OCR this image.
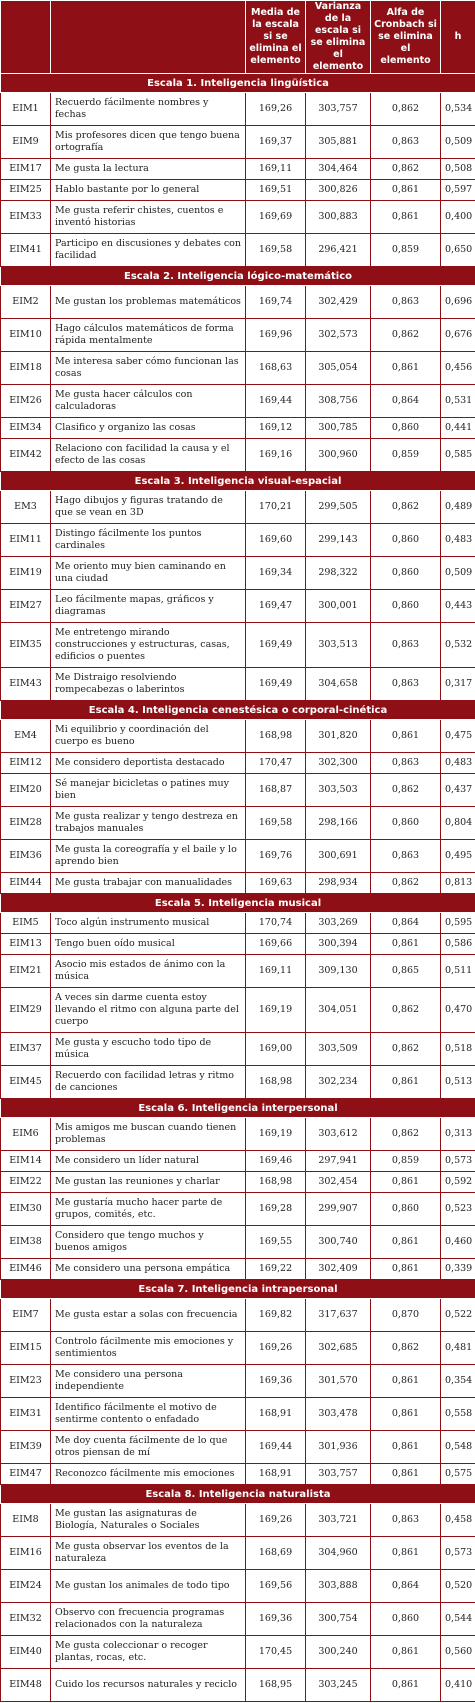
		Media de la escala si se elimina el elemento	Varianza de la escala si se elimina el elemento	Alfa de Cronbach si se elimina el elemento	h
Escala 1. Inteligencia lingüística					
EIM1	Recuerdo fácilmente nombres y fechas	169,26	303,757	0,862	0,534
EIM9	Mis profesores dicen que tengo buena ortografía	169,37	305,881	0,863	0,509
EIM17	Me gusta la lectura	169,11	304,464	0,862	0,508
EIM25	Hablo bastante por lo general	169,51	300,826	0,861	0,597
EIM33	Me gusta referir chistes, cuentos e inventó historias	169,69	300,883	0,861	0,400
EIM41	Participo en discusiones y debates con facilidad	169,58	296,421	0,859	0,650
Escala 2. Inteligencia lógico-matemático					
EIM2	Me gustan los problemas matemáticos	169,74	302,429	0,863	0,696
EIM10	Hago cálculos matemáticos de forma rápida mentalmente	169,96	302,573	0,862	0,676
EIM18	Me interesa saber cómo funcionan las cosas	168,63	305,054	0,861	0,456
EIM26	Me gusta hacer cálculos con calculadoras	169,44	308,756	0,864	0,531
EIM34	Clasifico y organizo las cosas	169,12	300,785	0,860	0,441
EIM42	Relaciono con facilidad la causa y el efecto de las cosas	169,16	300,960	0,859	0,585
Escala 3. Inteligencia visual-espacial					
EM3	Hago dibujos y figuras tratando de que se vean en 3D	170,21	299,505	0,862	0,489
EIM11	Distingo fácilmente los puntos cardinales	169,60	299,143	0,860	0,483
EIM19	Me oriento muy bien caminando en una ciudad	169,34	298,322	0,860	0,509
EIM27	Leo fácilmente mapas, gráficos y diagramas	169,47	300,001	0,860	0,443
EIM35	Me entretengo mirando construcciones y estructuras, casas, edificios o puentes	169,49	303,513	0,863	0,532
EIM43	Me Distraigo resolviendo rompecabezas o laberintos	169,49	304,658	0,863	0,317
Escala 4. Inteligencia cenestésica o corporal-cinética					
EM4	Mi equilibrio y coordinación del cuerpo es bueno	168,98	301,820	0,861	0,475
EIM12	Me considero deportista destacado	170,47	302,300	0,863	0,483
EIM20	Sé manejar bicicletas o patines muy bien	168,87	303,503	0,862	0,437
EIM28	Me gusta realizar y tengo destreza en trabajos manuales	169,58	298,166	0,860	0,804
EIM36	Me gusta la coreografía y el baile y lo aprendo bien	169,76	300,691	0,863	0,495
EIM44	Me gusta trabajar con manualidades	169,63	298,934	0,862	0,813
Escala 5. Inteligencia musical					
EIM5	Toco algún instrumento musical	170,74	303,269	0,864	0,595
EIM13	Tengo buen oído musical	169,66	300,394	0,861	0,586
EIM21	Asocio mis estados de ánimo con la música	169,11	309,130	0,865	0,511
EIM29	A veces sin darme cuenta estoy llevando el ritmo con alguna parte del cuerpo	169,19	304,051	0,862	0,470
EIM37	Me gusta y escucho todo tipo de música	169,00	303,509	0,862	0,518
EIM45	Recuerdo con facilidad letras y ritmo de canciones	168,98	302,234	0,861	0,513
Escala 6. Inteligencia interpersonal					
EIM6	Mis amigos me buscan cuando tienen problemas	169,19	303,612	0,862	0,313
EIM14	Me considero un líder natural	169,46	297,941	0,859	0,573
EIM22	Me gustan las reuniones y charlar	168,98	302,454	0,861	0,592
EIM30	Me gustaría mucho hacer parte de grupos, comités, etc.	169,28	299,907	0,860	0,523
EIM38	Considero que tengo muchos y buenos amigos	169,55	300,740	0,861	0,460
EIM46	Me considero una persona empática	169,22	302,409	0,861	0,339
Escala 7. Inteligencia intrapersonal					
EIM7	Me gusta estar a solas con frecuencia	169,82	317,637	0,870	0,522
EIM15	Controlo fácilmente mis emociones y sentimientos	169,26	302,685	0,862	0,481
EIM23	Me considero una persona independiente	169,36	301,570	0,861	0,354
EIM31	Identifico fácilmente el motivo de sentirme contento o enfadado	168,91	303,478	0,861	0,558
EIM39	Me doy cuenta fácilmente de lo que otros piensan de mí	169,44	301,936	0,861	0,548
EIM47	Reconozco fácilmente mis emociones	168,91	303,757	0,861	0,575
Escala 8. Inteligencia naturalista					
EIM8	Me gustan las asignaturas de Biología, Naturales o Sociales	169,26	303,721	0,863	0,458
EIM16	Me gusta observar los eventos de la naturaleza	168,69	304,960	0,861	0,573
EIM24	Me gustan los animales de todo tipo	169,56	303,888	0,864	0,520
EIM32	Observo con frecuencia programas relacionados con la naturaleza	169,36	300,754	0,860	0,544
EIM40	Me gusta coleccionar o recoger plantas, rocas, etc.	170,45	300,240	0,861	0,560
EIM48	Cuido los recursos naturales y reciclo	168,95	303,245	0,861	0,410
